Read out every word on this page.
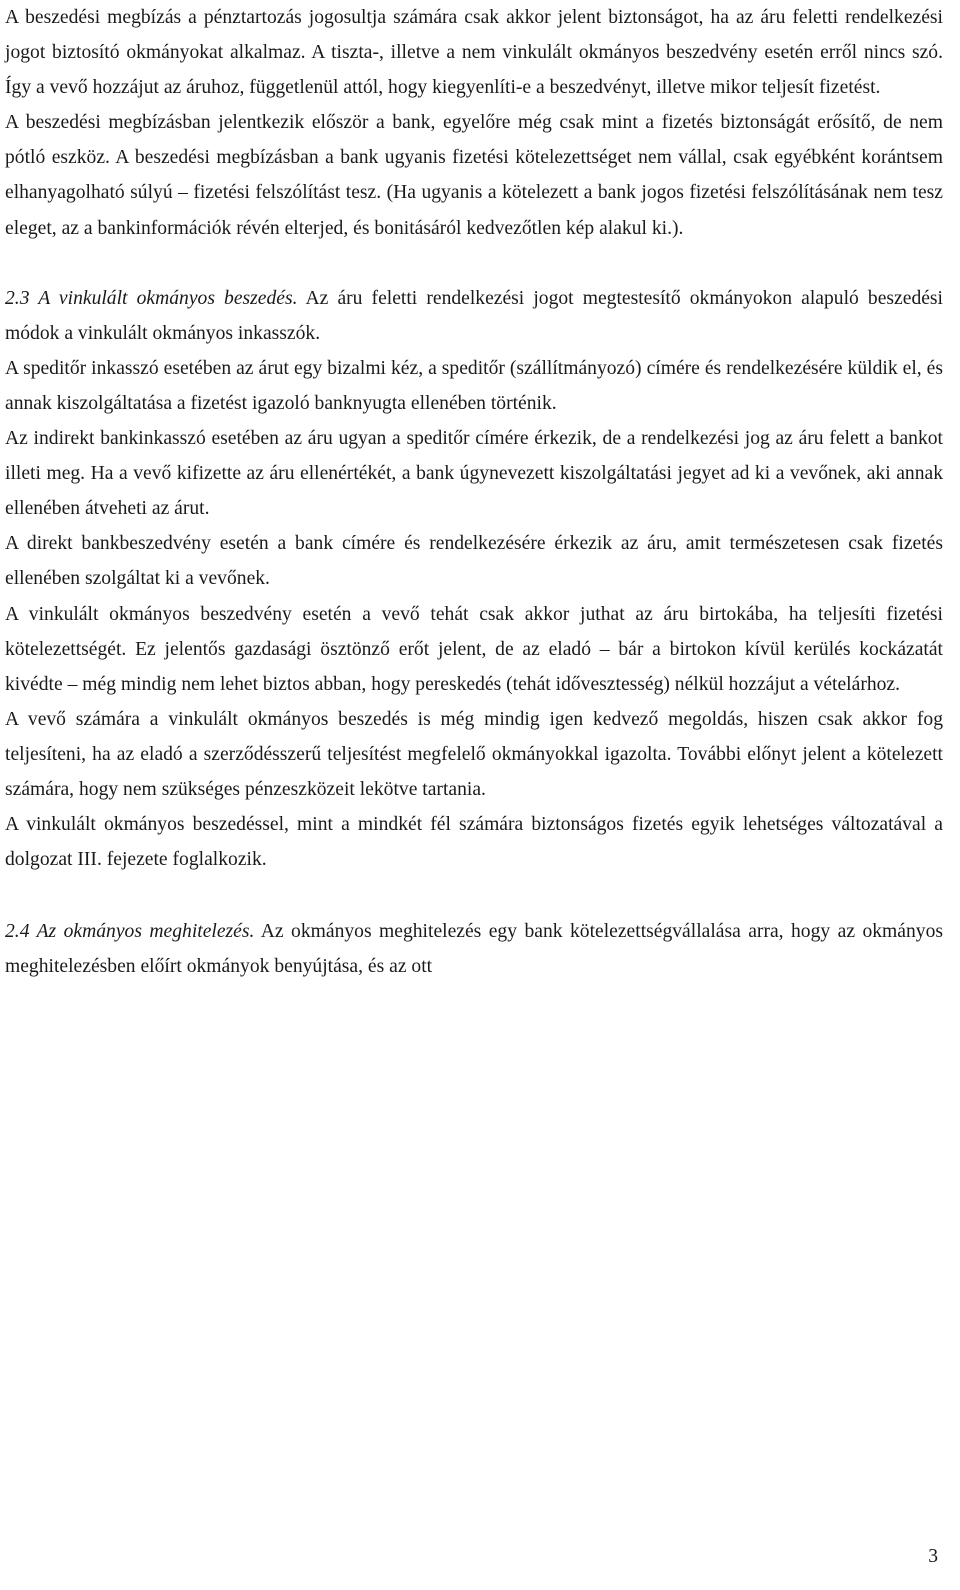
A beszedési megbízás a pénztartozás jogosultja számára csak akkor jelent biztonságot, ha az áru feletti rendelkezési jogot biztosító okmányokat alkalmaz. A tiszta-, illetve a nem vinkulált okmányos beszedvény esetén erről nincs szó. Így a vevő hozzájut az áruhoz, függetlenül attól, hogy kiegyenlíti-e a beszedvényt, illetve mikor teljesít fizetést.

A beszedési megbízásban jelentkezik először a bank, egyelőre még csak mint a fizetés biztonságát erősítő, de nem pótló eszköz. A beszedési megbízásban a bank ugyanis fizetési kötelezettséget nem vállal, csak egyébként korántsem elhanyagolható súlyú – fizetési felszólítást tesz. (Ha ugyanis a kötelezett a bank jogos fizetési felszólításának nem tesz eleget, az a bankinformációk révén elterjed, és bonitásáról kedvezőtlen kép alakul ki.).

2.3 A vinkulált okmányos beszedés. Az áru feletti rendelkezési jogot megtestesítő okmányokon alapuló beszedési módok a vinkulált okmányos inkasszók.

A speditőr inkasszó esetében az árut egy bizalmi kéz, a speditőr (szállítmányozó) címére és rendelkezésére küldik el, és annak kiszolgáltatása a fizetést igazoló banknyugta ellenében történik.

Az indirekt bankinkasszó esetében az áru ugyan a speditőr címére érkezik, de a rendelkezési jog az áru felett a bankot illeti meg. Ha a vevő kifizette az áru ellenértékét, a bank úgynevezett kiszolgáltatási jegyet ad ki a vevőnek, aki annak ellenében átveheti az árut.

A direkt bankbeszedvény esetén a bank címére és rendelkezésére érkezik az áru, amit természetesen csak fizetés ellenében szolgáltat ki a vevőnek.

A vinkulált okmányos beszedvény esetén a vevő tehát csak akkor juthat az áru birtokába, ha teljesíti fizetési kötelezettségét. Ez jelentős gazdasági ösztönző erőt jelent, de az eladó – bár a birtokon kívül kerülés kockázatát kivédte – még mindig nem lehet biztos abban, hogy pereskedés (tehát idővesztesség) nélkül hozzájut a vételárhoz.

A vevő számára a vinkulált okmányos beszedés is még mindig igen kedvező megoldás, hiszen csak akkor fog teljesíteni, ha az eladó a szerződésszerű teljesítést megfelelő okmányokkal igazolta. További előnyt jelent a kötelezett számára, hogy nem szükséges pénzeszközeit lekötve tartania.

A vinkulált okmányos beszedéssel, mint a mindkét fél számára biztonságos fizetés egyik lehetséges változatával a dolgozat III. fejezete foglalkozik.

2.4 Az okmányos meghitelezés. Az okmányos meghitelezés egy bank kötelezettségvállalása arra, hogy az okmányos meghitelezésben előírt okmányok benyújtása, és az ott

3
